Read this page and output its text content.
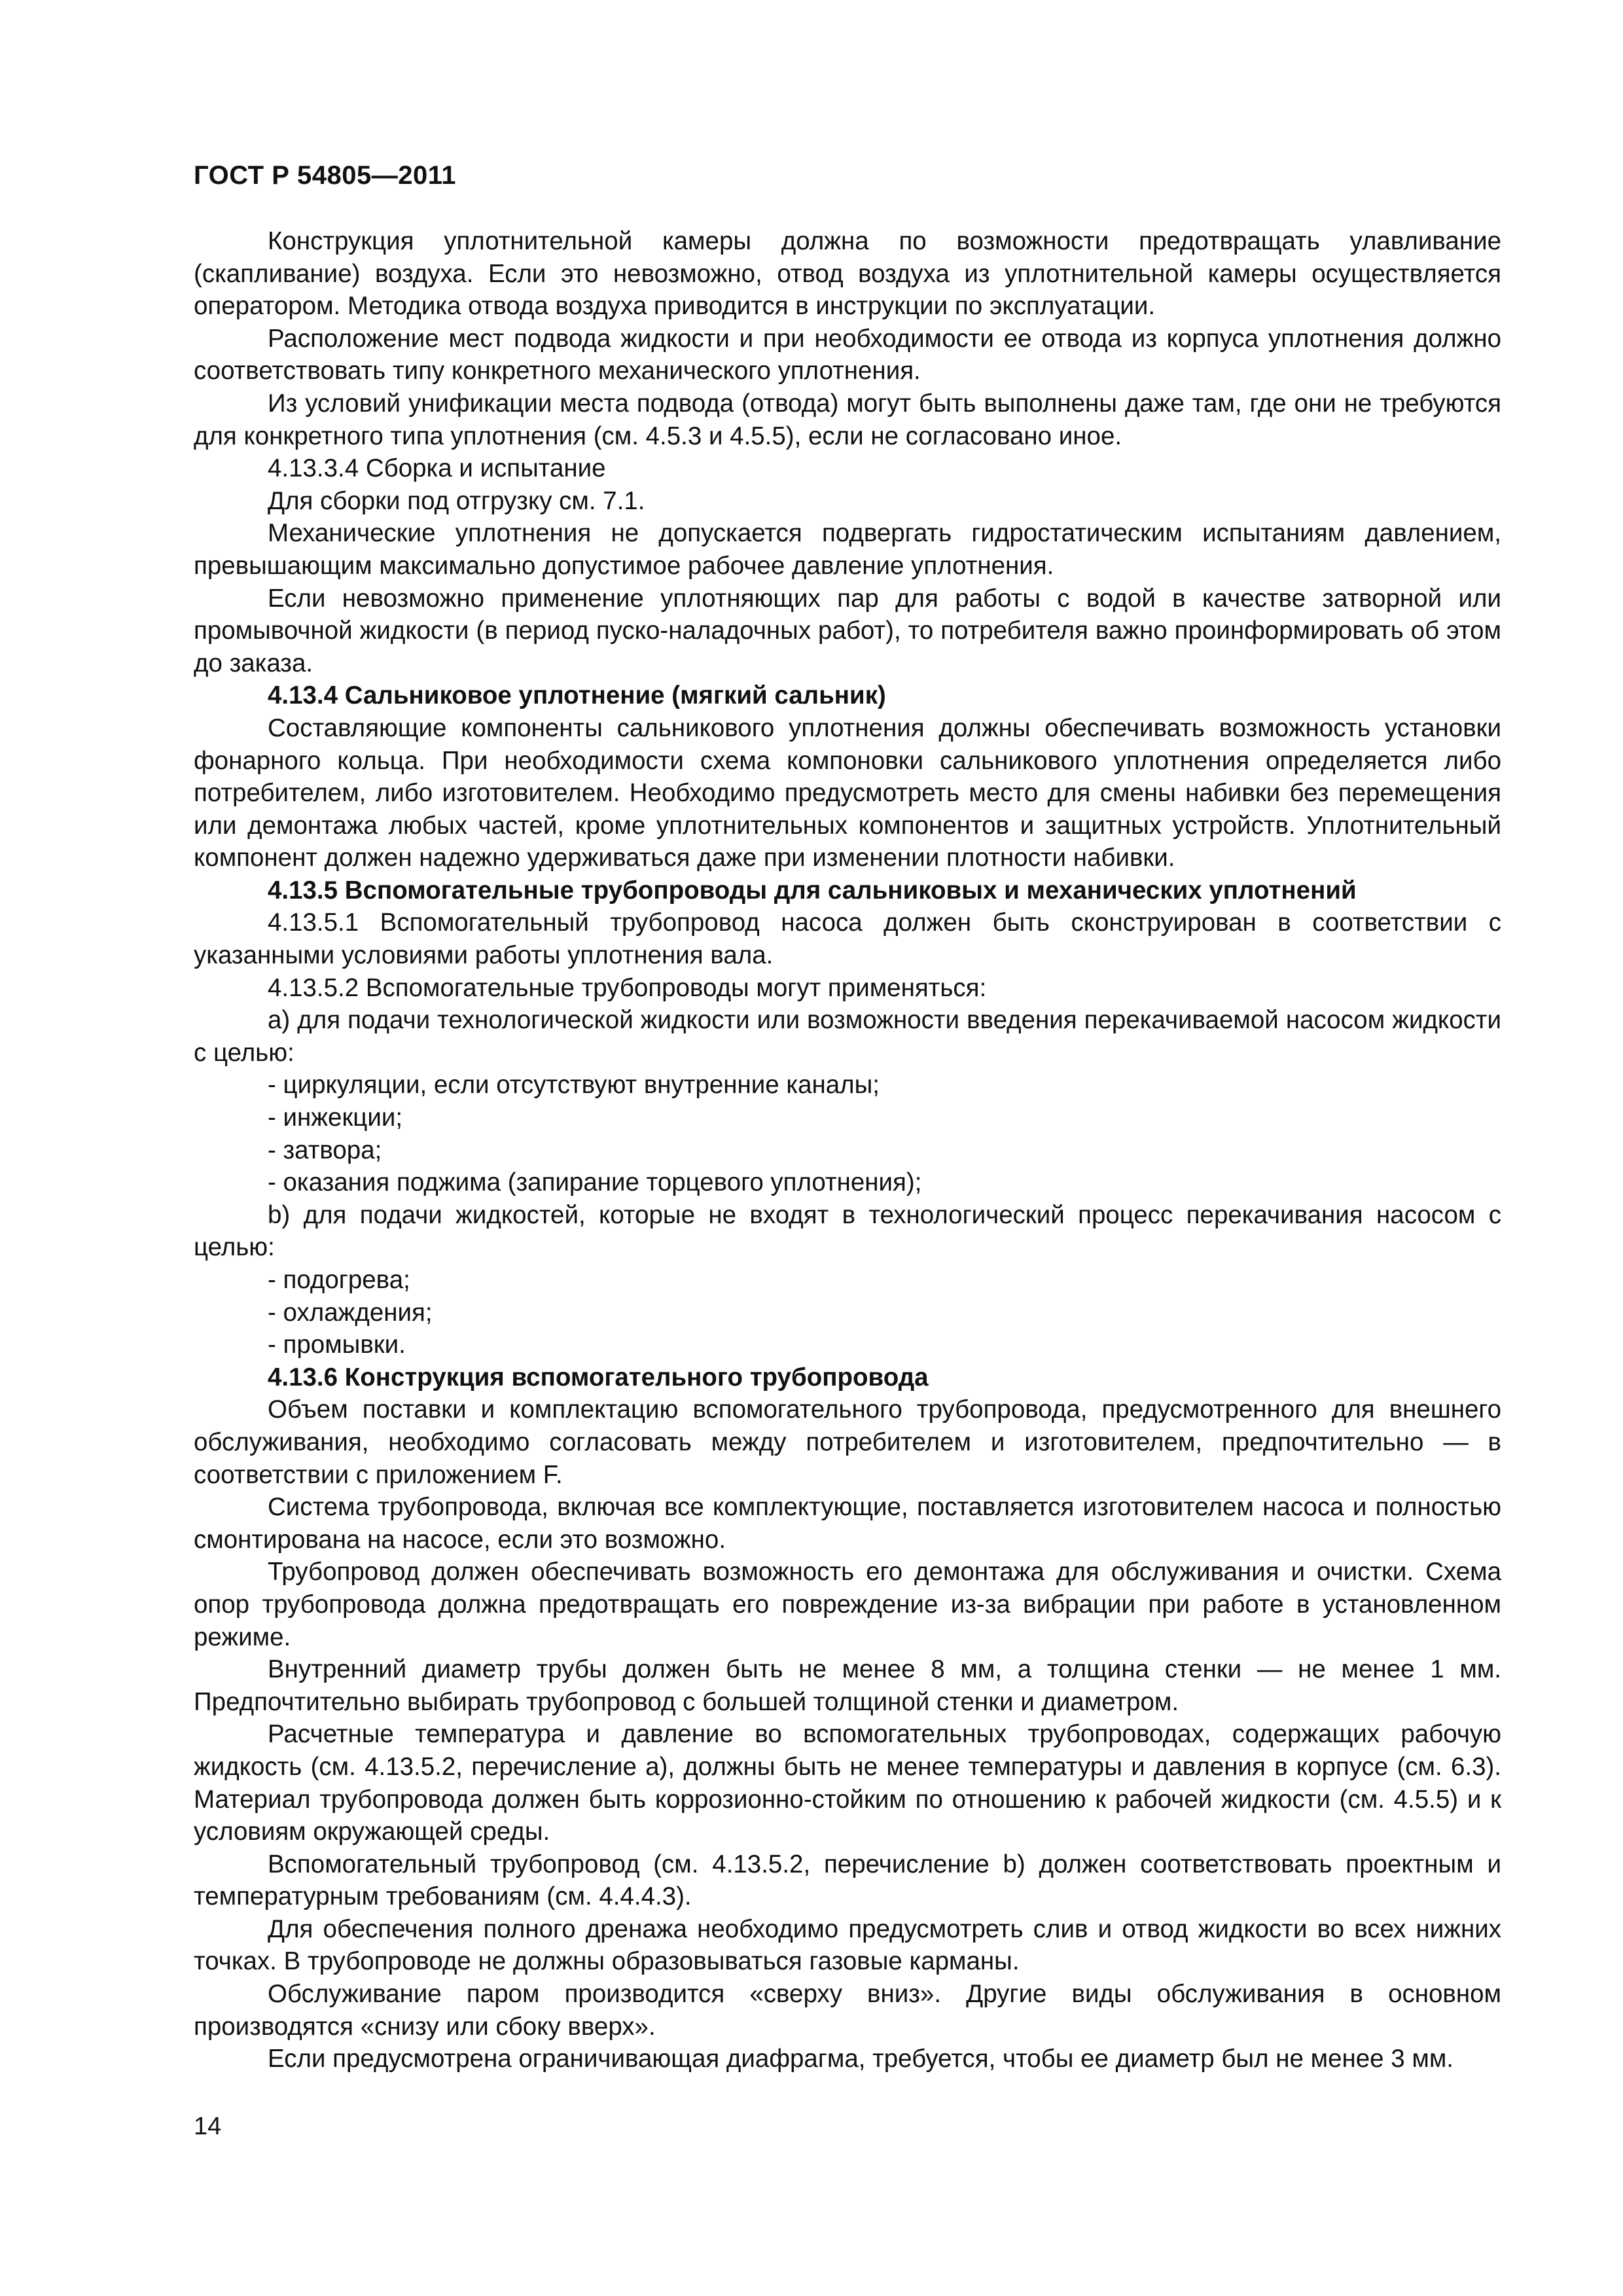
ГОСТ Р 54805—2011

Конструкция уплотнительной камеры должна по возможности предотвращать улавливание (скапливание) воздуха. Если это невозможно, отвод воздуха из уплотнительной камеры осуществляется оператором. Методика отвода воздуха приводится в инструкции по эксплуатации.

Расположение мест подвода жидкости и при необходимости ее отвода из корпуса уплотнения должно соответствовать типу конкретного механического уплотнения.

Из условий унификации места подвода (отвода) могут быть выполнены даже там, где они не требуются для конкретного типа уплотнения (см. 4.5.3 и 4.5.5), если не согласовано иное.

4.13.3.4 Сборка и испытание

Для сборки под отгрузку см. 7.1.

Механические уплотнения не допускается подвергать гидростатическим испытаниям давлением, превышающим максимально допустимое рабочее давление уплотнения.

Если невозможно применение уплотняющих пар для работы с водой в качестве затворной или промывочной жидкости (в период пуско-наладочных работ), то потребителя важно проинформировать об этом до заказа.

4.13.4 Сальниковое уплотнение (мягкий сальник)

Составляющие компоненты сальникового уплотнения должны обеспечивать возможность установки фонарного кольца. При необходимости схема компоновки сальникового уплотнения определяется либо потребителем, либо изготовителем. Необходимо предусмотреть место для смены набивки без перемещения или демонтажа любых частей, кроме уплотнительных компонентов и защитных устройств. Уплотнительный компонент должен надежно удерживаться даже при изменении плотности набивки.

4.13.5 Вспомогательные трубопроводы для сальниковых и механических уплотнений

4.13.5.1 Вспомогательный трубопровод насоса должен быть сконструирован в соответствии с указанными условиями работы уплотнения вала.

4.13.5.2 Вспомогательные трубопроводы могут применяться:

а) для подачи технологической жидкости или возможности введения перекачиваемой насосом жидкости с целью:

- циркуляции, если отсутствуют внутренние каналы;

- инжекции;

- затвора;

- оказания поджима (запирание торцевого уплотнения);

b) для подачи жидкостей, которые не входят в технологический процесс перекачивания насосом с целью:

- подогрева;

- охлаждения;

- промывки.

4.13.6 Конструкция вспомогательного трубопровода

Объем поставки и комплектацию вспомогательного трубопровода, предусмотренного для внешнего обслуживания, необходимо согласовать между потребителем и изготовителем, предпочтительно — в соответствии с приложением F.

Система трубопровода, включая все комплектующие, поставляется изготовителем насоса и полностью смонтирована на насосе, если это возможно.

Трубопровод должен обеспечивать возможность его демонтажа для обслуживания и очистки. Схема опор трубопровода должна предотвращать его повреждение из-за вибрации при работе в установленном режиме.

Внутренний диаметр трубы должен быть не менее 8 мм, а толщина стенки — не менее 1 мм. Предпочтительно выбирать трубопровод с большей толщиной стенки и диаметром.

Расчетные температура и давление во вспомогательных трубопроводах, содержащих рабочую жидкость (см. 4.13.5.2, перечисление а), должны быть не менее температуры и давления в корпусе (см. 6.3). Материал трубопровода должен быть коррозионно-стойким по отношению к рабочей жидкости (см. 4.5.5) и к условиям окружающей среды.

Вспомогательный трубопровод (см. 4.13.5.2, перечисление b) должен соответствовать проектным и температурным требованиям (см. 4.4.4.3).

Для обеспечения полного дренажа необходимо предусмотреть слив и отвод жидкости во всех нижних точках. В трубопроводе не должны образовываться газовые карманы.

Обслуживание паром производится «сверху вниз». Другие виды обслуживания в основном производятся «снизу или сбоку вверх».

Если предусмотрена ограничивающая диафрагма, требуется, чтобы ее диаметр был не менее 3 мм.

14
